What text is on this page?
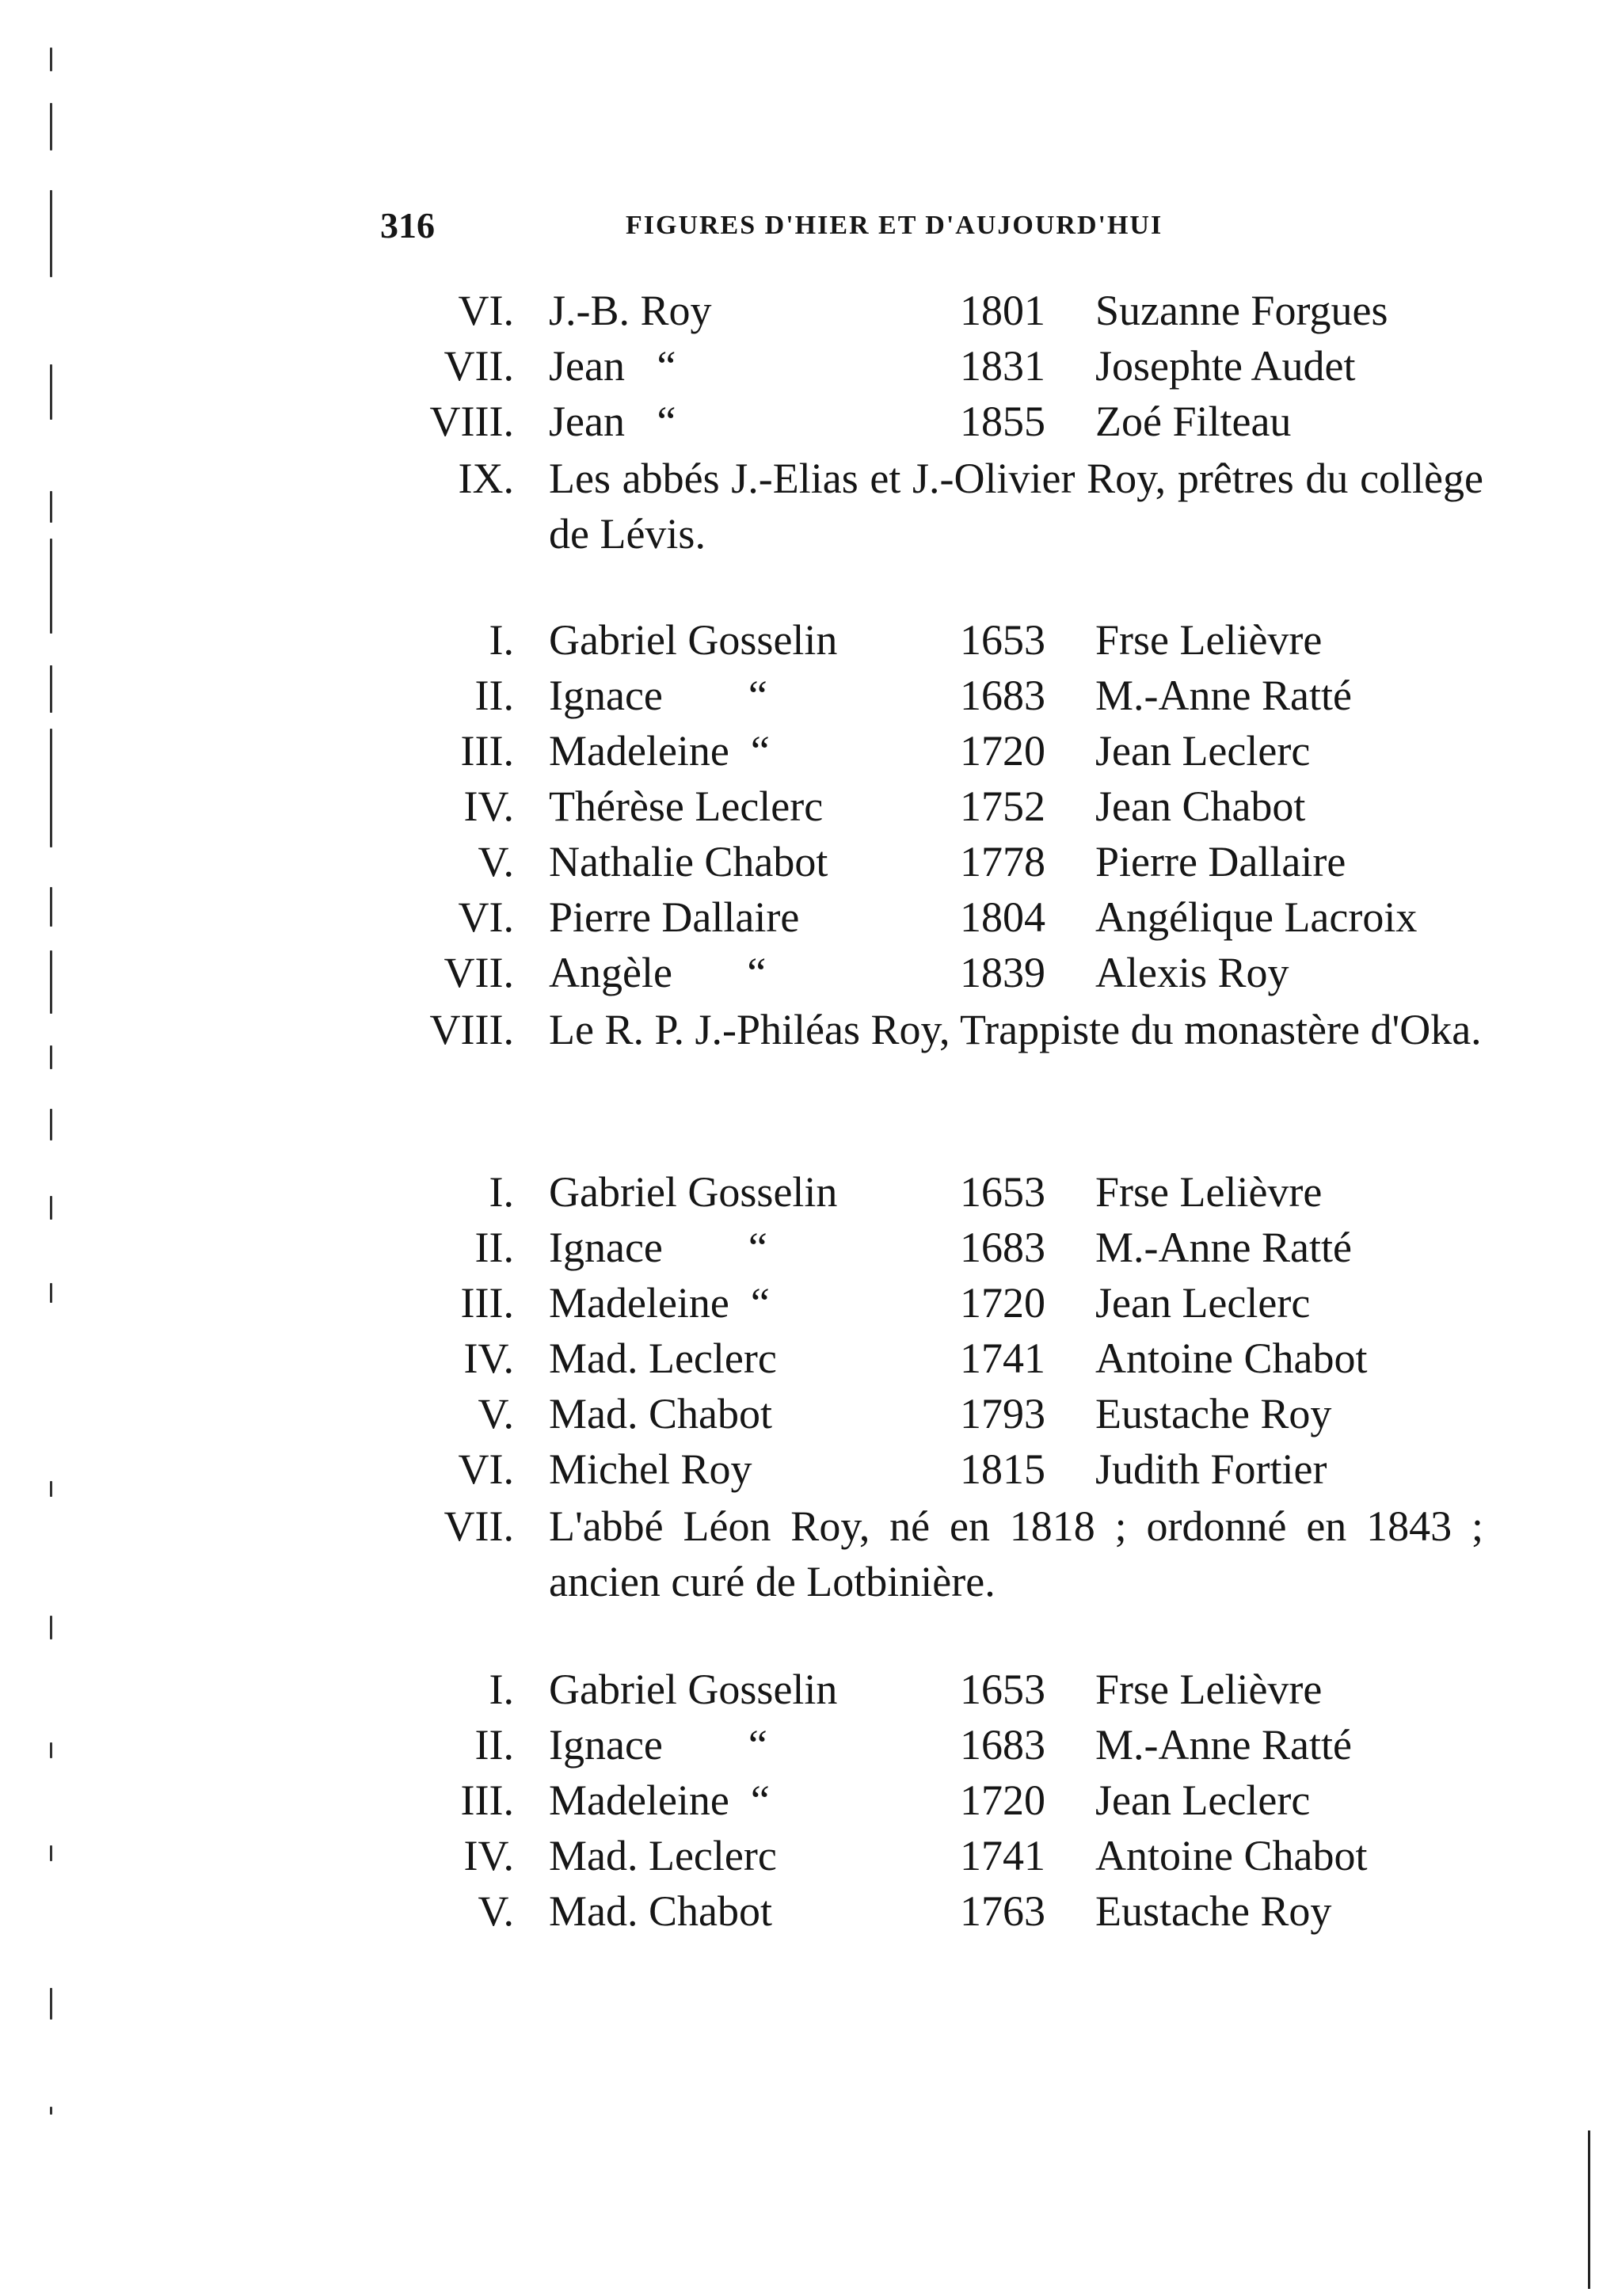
316	FIGURES D'HIER ET D'AUJOURD'HUI
VI. J.-B. Roy	1801 Suzanne Forgues
VII. Jean   “	1831 Josephte Audet
VIII. Jean   “	1855 Zoé Filteau
IX. Les abbés J.-Elias et J.-Olivier Roy, prêtres du collège de Lévis.
I. Gabriel Gosselin	1653 Frse Lelièvre
II. Ignace        “	1683 M.-Anne Ratté
III. Madeleine  “	1720 Jean Leclerc
IV. Thérèse Leclerc	1752 Jean Chabot
V. Nathalie Chabot	1778 Pierre Dallaire
VI. Pierre Dallaire	1804 Angélique Lacroix
VII. Angèle       “	1839 Alexis Roy
VIII. Le R. P. J.-Philéas Roy, Trappiste du monastère d'Oka.
I. Gabriel Gosselin	1653 Frse Lelièvre
II. Ignace        “	1683 M.-Anne Ratté
III. Madeleine  “	1720 Jean Leclerc
IV. Mad. Leclerc	1741 Antoine Chabot
V. Mad. Chabot	1793 Eustache Roy
VI. Michel Roy	1815 Judith Fortier
VII. L'abbé Léon Roy, né en 1818 ; ordonné en 1843 ; ancien curé de Lotbinière.
I. Gabriel Gosselin	1653 Frse Lelièvre
II. Ignace        “	1683 M.-Anne Ratté
III. Madeleine  “	1720 Jean Leclerc
IV. Mad. Leclerc	1741 Antoine Chabot
V. Mad. Chabot	1763 Eustache Roy
